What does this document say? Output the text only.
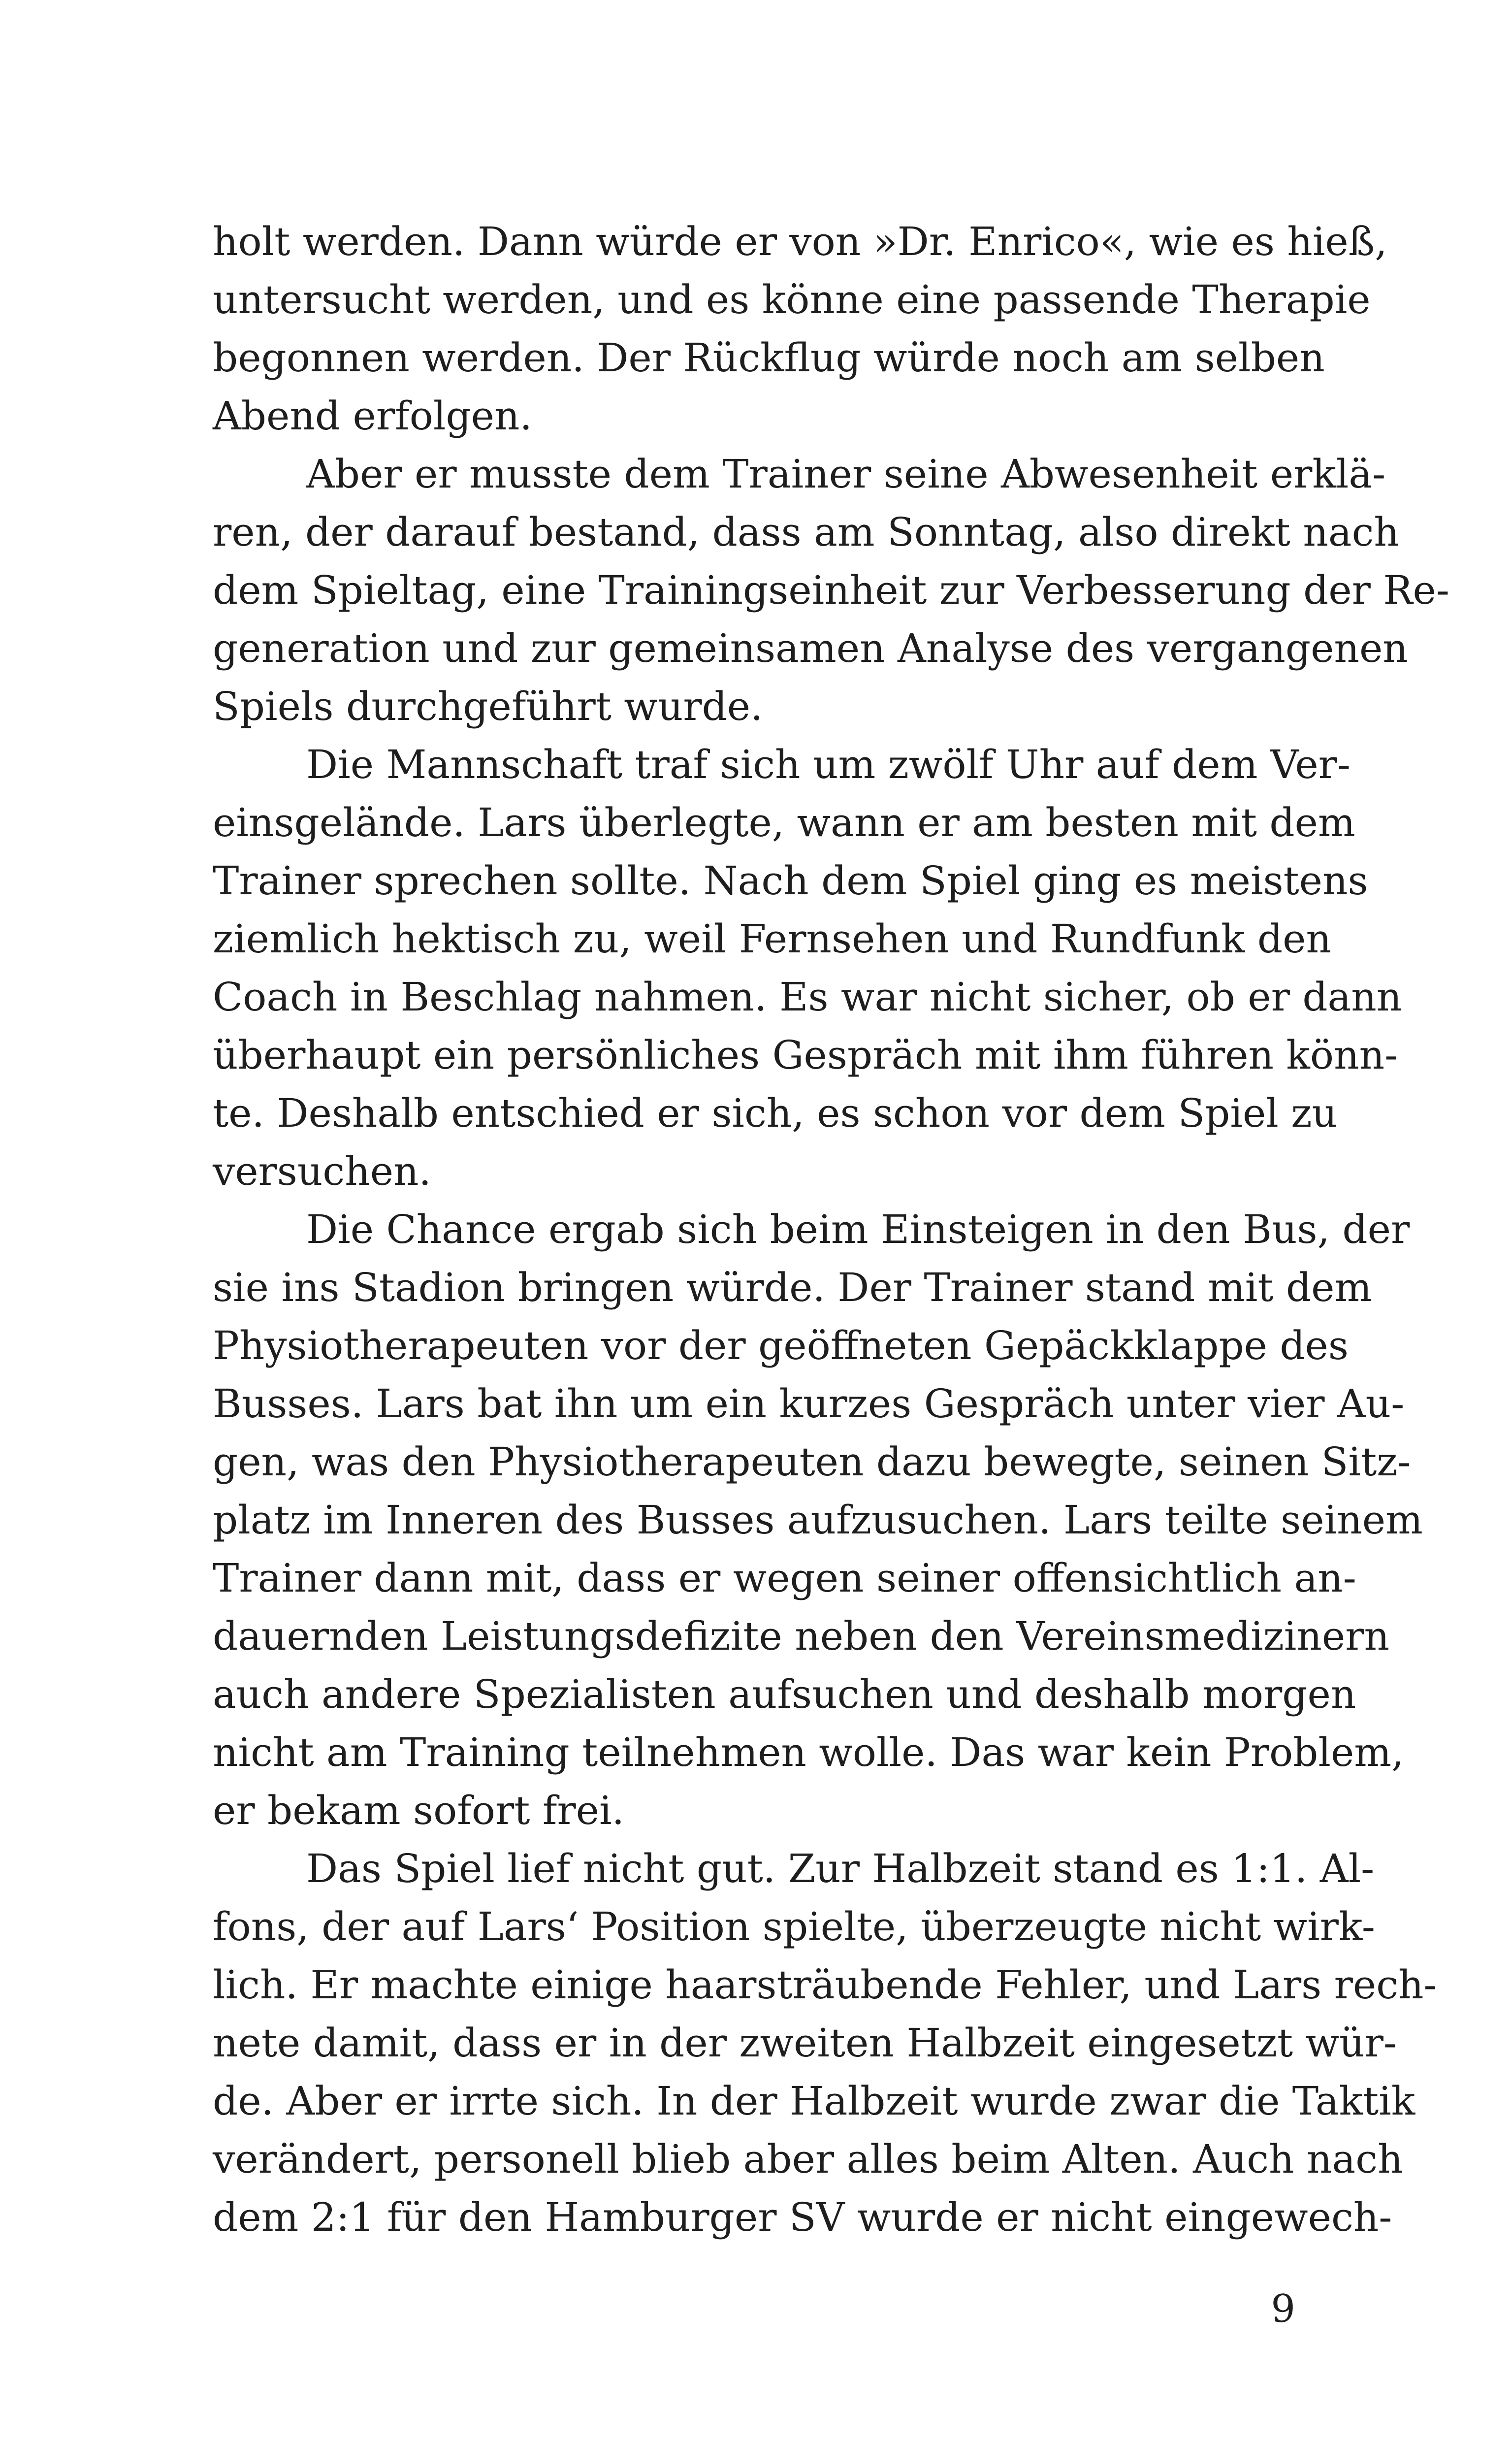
holt werden. Dann würde er von »Dr. Enrico«, wie es hieß,
untersucht werden, und es könne eine passende Therapie
begonnen werden. Der Rückflug würde noch am selben
Abend erfolgen.
Aber er musste dem Trainer seine Abwesenheit erklä-
ren, der darauf bestand, dass am Sonntag, also direkt nach
dem Spieltag, eine Trainingseinheit zur Verbesserung der Re-
generation und zur gemeinsamen Analyse des vergangenen
Spiels durchgeführt wurde.
Die Mannschaft traf sich um zwölf Uhr auf dem Ver-
einsgelände. Lars überlegte, wann er am besten mit dem
Trainer sprechen sollte. Nach dem Spiel ging es meistens
ziemlich hektisch zu, weil Fernsehen und Rundfunk den
Coach in Beschlag nahmen. Es war nicht sicher, ob er dann
überhaupt ein persönliches Gespräch mit ihm führen könn-
te. Deshalb entschied er sich, es schon vor dem Spiel zu
versuchen.
Die Chance ergab sich beim Einsteigen in den Bus, der
sie ins Stadion bringen würde. Der Trainer stand mit dem
Physiotherapeuten vor der geöffneten Gepäckklappe des
Busses. Lars bat ihn um ein kurzes Gespräch unter vier Au-
gen, was den Physiotherapeuten dazu bewegte, seinen Sitz-
platz im Inneren des Busses aufzusuchen. Lars teilte seinem
Trainer dann mit, dass er wegen seiner offensichtlich an-
dauernden Leistungsdefizite neben den Vereinsmedizinern
auch andere Spezialisten aufsuchen und deshalb morgen
nicht am Training teilnehmen wolle. Das war kein Problem,
er bekam sofort frei.
Das Spiel lief nicht gut. Zur Halbzeit stand es 1:1. Al-
fons, der auf Lars‘ Position spielte, überzeugte nicht wirk-
lich. Er machte einige haarsträubende Fehler, und Lars rech-
nete damit, dass er in der zweiten Halbzeit eingesetzt wür-
de. Aber er irrte sich. In der Halbzeit wurde zwar die Taktik
verändert, personell blieb aber alles beim Alten. Auch nach
dem 2:1 für den Hamburger SV wurde er nicht eingewech-
9
